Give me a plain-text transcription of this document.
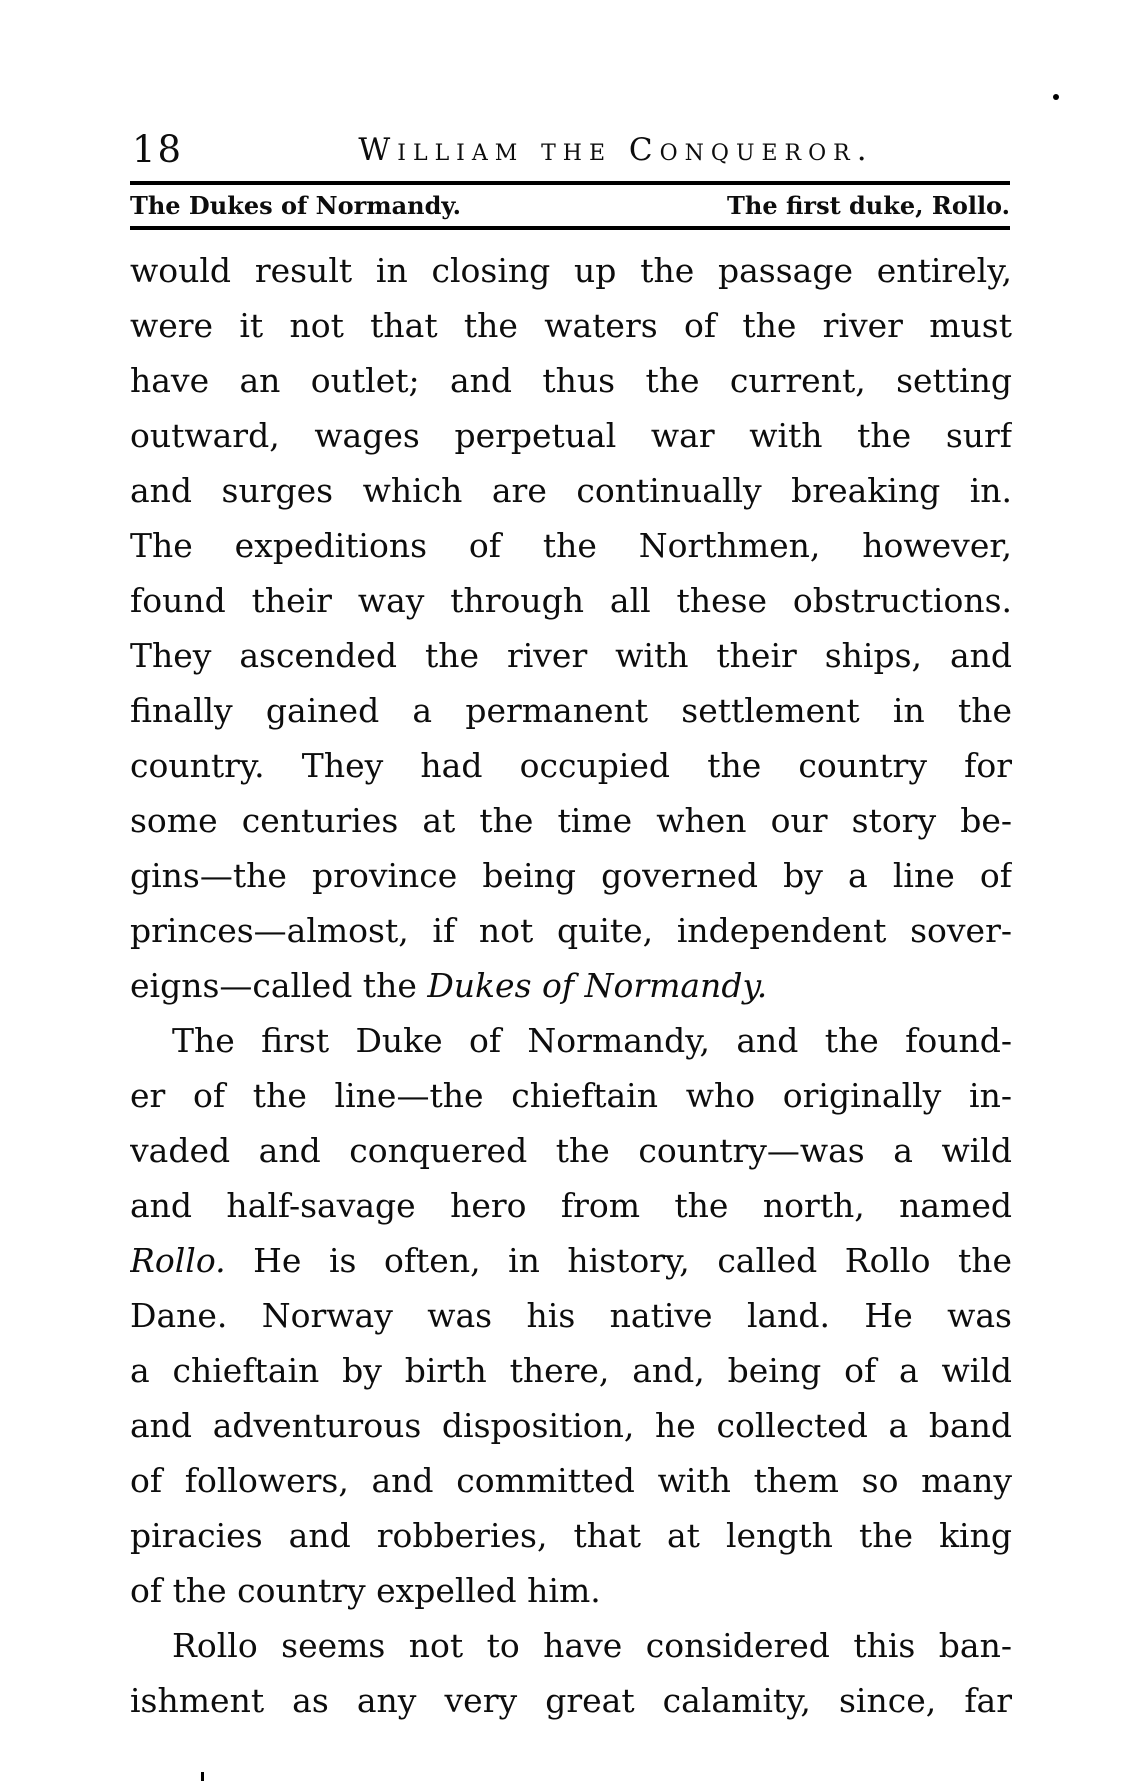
18	William the Conqueror.
The Dukes of Normandy.	The first duke, Rollo.
would result in closing up the passage entirely,
were it not that the waters of the river must
have an outlet; and thus the current, setting
outward, wages perpetual war with the surf
and surges which are continually breaking in.
The expeditions of the Northmen, however,
found their way through all these obstructions.
They ascended the river with their ships, and
finally gained a permanent settlement in the
country. They had occupied the country for
some centuries at the time when our story be-
gins—the province being governed by a line of
princes—almost, if not quite, independent sover-
eigns—called the Dukes of Normandy.
The first Duke of Normandy, and the found-
er of the line—the chieftain who originally in-
vaded and conquered the country—was a wild
and half-savage hero from the north, named
Rollo. He is often, in history, called Rollo the
Dane. Norway was his native land. He was
a chieftain by birth there, and, being of a wild
and adventurous disposition, he collected a band
of followers, and committed with them so many
piracies and robberies, that at length the king
of the country expelled him.
Rollo seems not to have considered this ban-
ishment as any very great calamity, since, far
